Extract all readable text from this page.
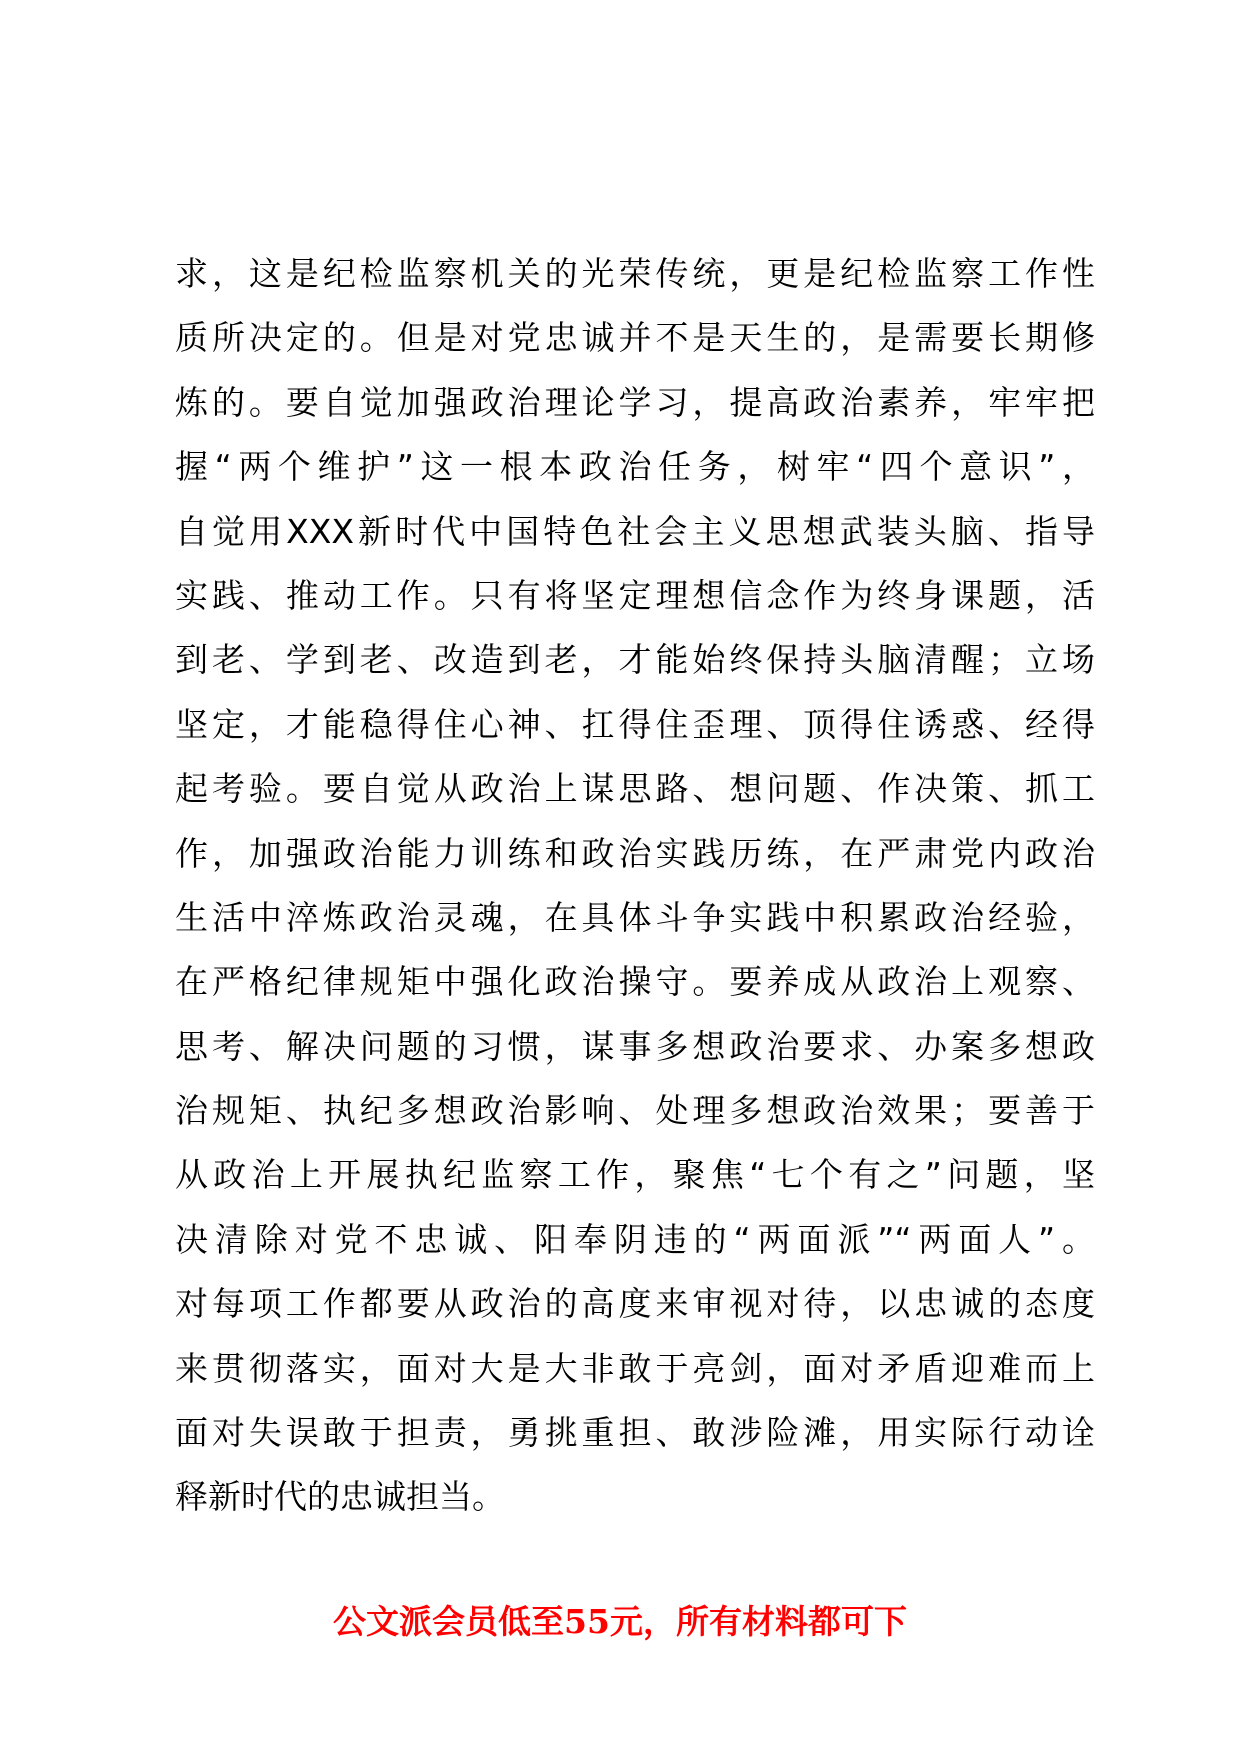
求，这是纪检监察机关的光荣传统，更是纪检监察工作性
质所决定的。但是对党忠诚并不是天生的，是需要长期修
炼的。要自觉加强政治理论学习，提高政治素养，牢牢把
握“两个维护”这一根本政治任务，树牢“四个意识”，
自觉用XXX新时代中国特色社会主义思想武装头脑、指导
实践、推动工作。只有将坚定理想信念作为终身课题，活
到老、学到老、改造到老，才能始终保持头脑清醒；立场
坚定，才能稳得住心神、扛得住歪理、顶得住诱惑、经得
起考验。要自觉从政治上谋思路、想问题、作决策、抓工
作，加强政治能力训练和政治实践历练，在严肃党内政治
生活中淬炼政治灵魂，在具体斗争实践中积累政治经验，
在严格纪律规矩中强化政治操守。要养成从政治上观察、
思考、解决问题的习惯，谋事多想政治要求、办案多想政
治规矩、执纪多想政治影响、处理多想政治效果；要善于
从政治上开展执纪监察工作，聚焦“七个有之”问题，坚
决清除对党不忠诚、阳奉阴违的“两面派”“两面人”。
对每项工作都要从政治的高度来审视对待，以忠诚的态度
来贯彻落实，面对大是大非敢于亮剑，面对矛盾迎难而上
面对失误敢于担责，勇挑重担、敢涉险滩，用实际行动诠
释新时代的忠诚担当。
公文派会员低至55元，所有材料都可下
